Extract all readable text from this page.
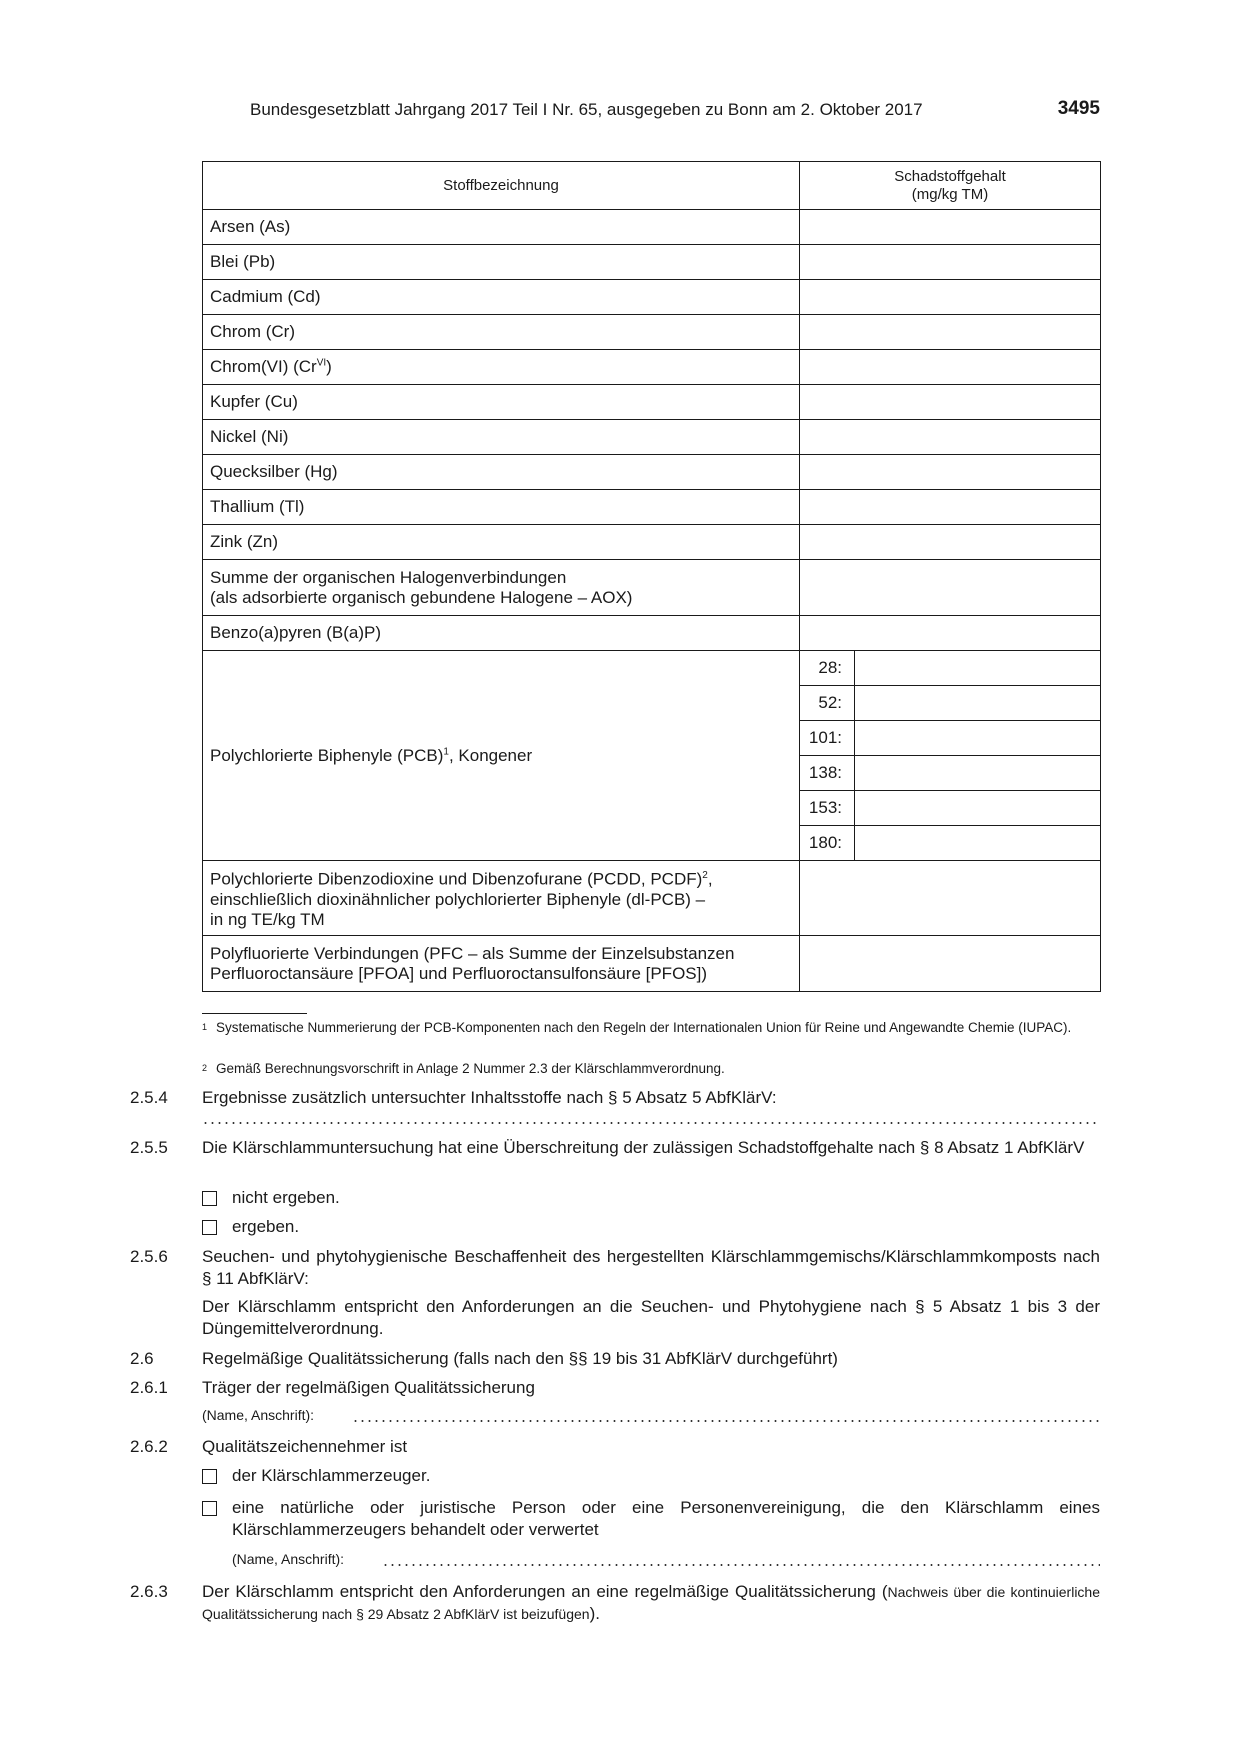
Bundesgesetzblatt Jahrgang 2017 Teil I Nr. 65, ausgegeben zu Bonn am 2. Oktober 2017	3495
Stoffbezeichnung	Schadstoffgehalt
(mg/kg TM)	
Arsen (As)		
Blei (Pb)		
Cadmium (Cd)		
Chrom (Cr)		
Chrom(VI) $(Cr^{VI})$		
Kupfer (Cu)		
Nickel (Ni)		
Quecksilber (Hg)		
Thallium (Tl)		
Zink (Zn)		
Summe der organischen Halogenverbindungen
(als adsorbierte organisch gebundene Halogene – AOX)		
Benzo(a)pyren (B(a)P)		
Polychlorierte Biphenyle (PCB)$^1$, Kongener	28:	
	52:	
	101:	
	138:	
	153:	
	180:	
Polychlorierte Dibenzodioxine und Dibenzofurane (PCDD, PCDF)$^2$,
einschließlich dioxinähnlicher polychlorierter Biphenyle (dl-PCB) –
in ng TE/kg TM		
Polyfluorierte Verbindungen (PFC – als Summe der Einzelsubstanzen
Perfluoroctansäure [PFOA] und Perfluoroctansulfonsäure [PFOS])		
$^1$ Systematische Nummerierung der PCB-Komponenten nach den Regeln der Internationalen Union für Reine und Angewandte Chemie (IUPAC).
$^2$ Gemäß Berechnungsvorschrift in Anlage 2 Nummer 2.3 der Klärschlammverordnung.
2.5.4 Ergebnisse zusätzlich untersuchter Inhaltsstoffe nach § 5 Absatz 5 AbfKlärV:
2.5.5 Die Klärschlammuntersuchung hat eine Überschreitung der zulässigen Schadstoffgehalte nach § 8 Absatz 1 AbfKlärV
nicht ergeben.
ergeben.
2.5.6 Seuchen- und phytohygienische Beschaffenheit des hergestellten Klärschlammgemischs/Klärschlammkomposts nach § 11 AbfKlärV:
Der Klärschlamm entspricht den Anforderungen an die Seuchen- und Phytohygiene nach § 5 Absatz 1 bis 3 der Düngemittelverordnung.
2.6	Regelmäßige Qualitätssicherung (falls nach den §§ 19 bis 31 AbfKlärV durchgeführt)
2.6.1 Träger der regelmäßigen Qualitätssicherung
(Name, Anschrift):
2.6.2 Qualitätszeichennehmer ist
der Klärschlammerzeuger.
eine natürliche oder juristische Person oder eine Personenvereinigung, die den Klärschlamm eines Klärschlammerzeugers behandelt oder verwertet
(Name, Anschrift):
2.6.3 Der Klärschlamm entspricht den Anforderungen an eine regelmäßige Qualitätssicherung (Nachweis über die kontinuierliche Qualitätssicherung nach § 29 Absatz 2 AbfKlärV ist beizufügen).
